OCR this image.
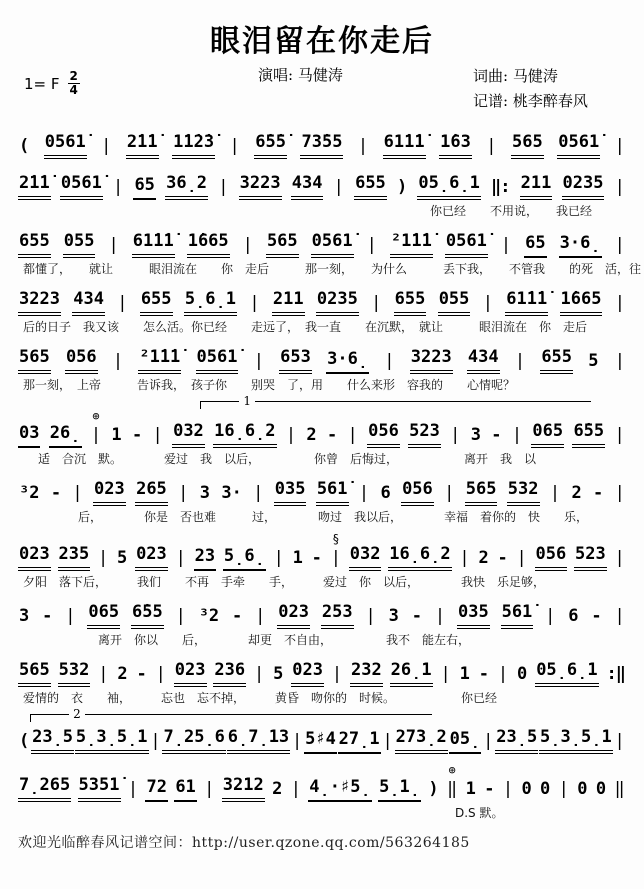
眼泪留在你走后
1= F $\frac{2}{4}$	演唱: 马健涛	词曲: 马健涛
记谱: 桃李醉春风
( 0561̇ | 2̇1̇1̇ 1̇1̇2̇3̇ | 6̇5̇5̇ 73̇55 | 61̇1̇1̇ 1̇63 | 565 0561̇ |
2̇1̇1̇ 0561̇ | 65 36̣2 | 3223 434 | 655 ) 05̣6̣1 ‖: 211 0235 |
你已经　　不用说，　　我已经
655 055 | 61̇1̇1̇ 1̇665 | 565 0561̇ | ²1̇1̇1̇ 0561̇ | 65 3·6̣ |
都懂了，　　就让　　　眼泪流在　　你　走后　　　那一刻，　　为什么　　　丢下我，　　不管我　　的死　活，往
3223 434 | 655 5̣6̣1 | 211 0235 | 655 055 | 61̇1̇1̇ 1̇665 |
后的日子　我又该　　怎么活。你已经　　走远了，　我一直　　在沉默，　就让　　　眼泪流在　你　走后
565 056 | ²1̇1̇1̇ 0561̇ | 653 3·6̣ | 3223 434 | 655 5 |
那一刻，　上帝　　　告诉我，　孩子你　　别哭　了，用　　什么来形　容我的　　心情呢？
1
03 26̣
⊕
| 1 - | 032 16̣6̣2 | 2 - | 056 523 | 3 - | 065 6̇55 |
适　合沉　默。　　　　爱过　我　以后，　　　　　你曾　后悔过，　　　　　　离开　我　以
³2 - | 023 265 | 3 3· | 035 561̇ | 6 056 | 565 532 | 2 - |
后，　　　　你是　否也难　　　过，　　　　吻过　我以后，　　　　幸福　着你的　快　　乐，
023 235 | 5 023 | 23 5̣6̣ | 1 -
§
| 032 16̣6̣2 | 2 - | 056 523 |
夕阳　落下后，　　　我们　　不再　手牵　　手，　　　爱过　你　以后，　　　　我快　乐足够，
3 - | 065 6̇55 | ³2 - | 023 253 | 3 - | 035 561̇ | 6 - |
离开　你以　　后，　　　　却更　不自由，　　　　　我不　能左右，
565 532 | 2 - | 023 236 | 5 023 | 232 26̣1 | 1 - | 0 05̣6̣1 :‖
爱情的　衣　　袖，　　　忘也　忘不掉，　　　黄昏　吻你的　时候。　　　　　　你已经
2
( 23̣5 5̣3̣5̣1 | 7̣25̣6 6̣7̣13 | 5♯4 27̣1 | 273̣2 05̣ | 23̣5 5̣3̣5̣1 |
7̣265 5351̇ | 72 61 | 3212 2 | 4̣·♯5̣ 5̣1̣ )
⊕
‖ 1 - | 0 0 | 0 0 ‖
D.S 默。
欢迎光临醉春风记谱空间：http://user.qzone.qq.com/563264185
